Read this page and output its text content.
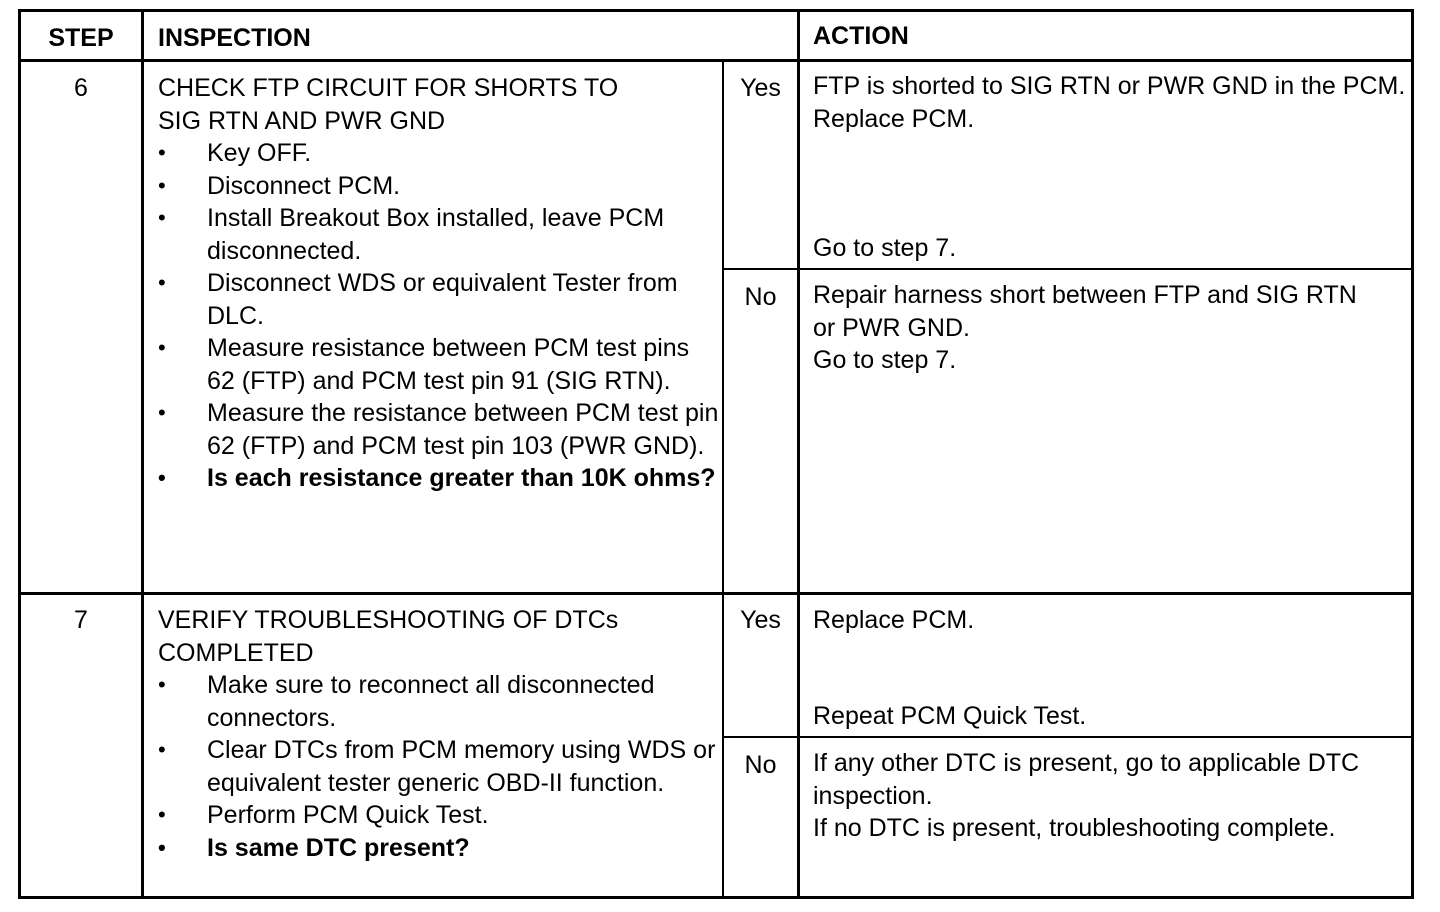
STEP	INSPECTION	ACTION
6	CHECK FTP CIRCUIT FOR SHORTS TO
SIG RTN AND PWR GND
• Key OFF.
• Disconnect PCM.
• Install Breakout Box installed, leave PCM disconnected.
• Disconnect WDS or equivalent Tester from DLC.
• Measure resistance between PCM test pins 62 (FTP) and PCM test pin 91 (SIG RTN).
• Measure the resistance between PCM test pin 62 (FTP) and PCM test pin 103 (PWR GND).
• Is each resistance greater than 10K ohms?
Yes	FTP is shorted to SIG RTN or PWR GND in the PCM.
Replace PCM.
Go to step 7.
No	Repair harness short between FTP and SIG RTN or PWR GND.
Go to step 7.
7	VERIFY TROUBLESHOOTING OF DTCs
COMPLETED
• Make sure to reconnect all disconnected connectors.
• Clear DTCs from PCM memory using WDS or equivalent tester generic OBD-II function.
• Perform PCM Quick Test.
• Is same DTC present?
Yes	Replace PCM.
Repeat PCM Quick Test.
No	If any other DTC is present, go to applicable DTC inspection.
If no DTC is present, troubleshooting complete.
